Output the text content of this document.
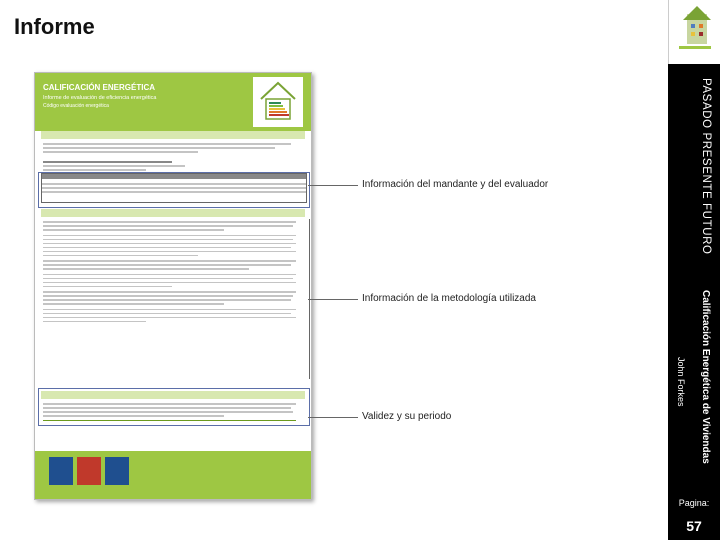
Informe
PASADO PRESENTE FUTURO
Calificación Energética de Viviendas
John Forkes
Pagina:
57
CALIFICACIÓN ENERGÉTICA
Informe de evaluación de eficiencia energética
Código evaluación energética
Información del mandante y del evaluador
Información de la metodología utilizada
Validez y su periodo
